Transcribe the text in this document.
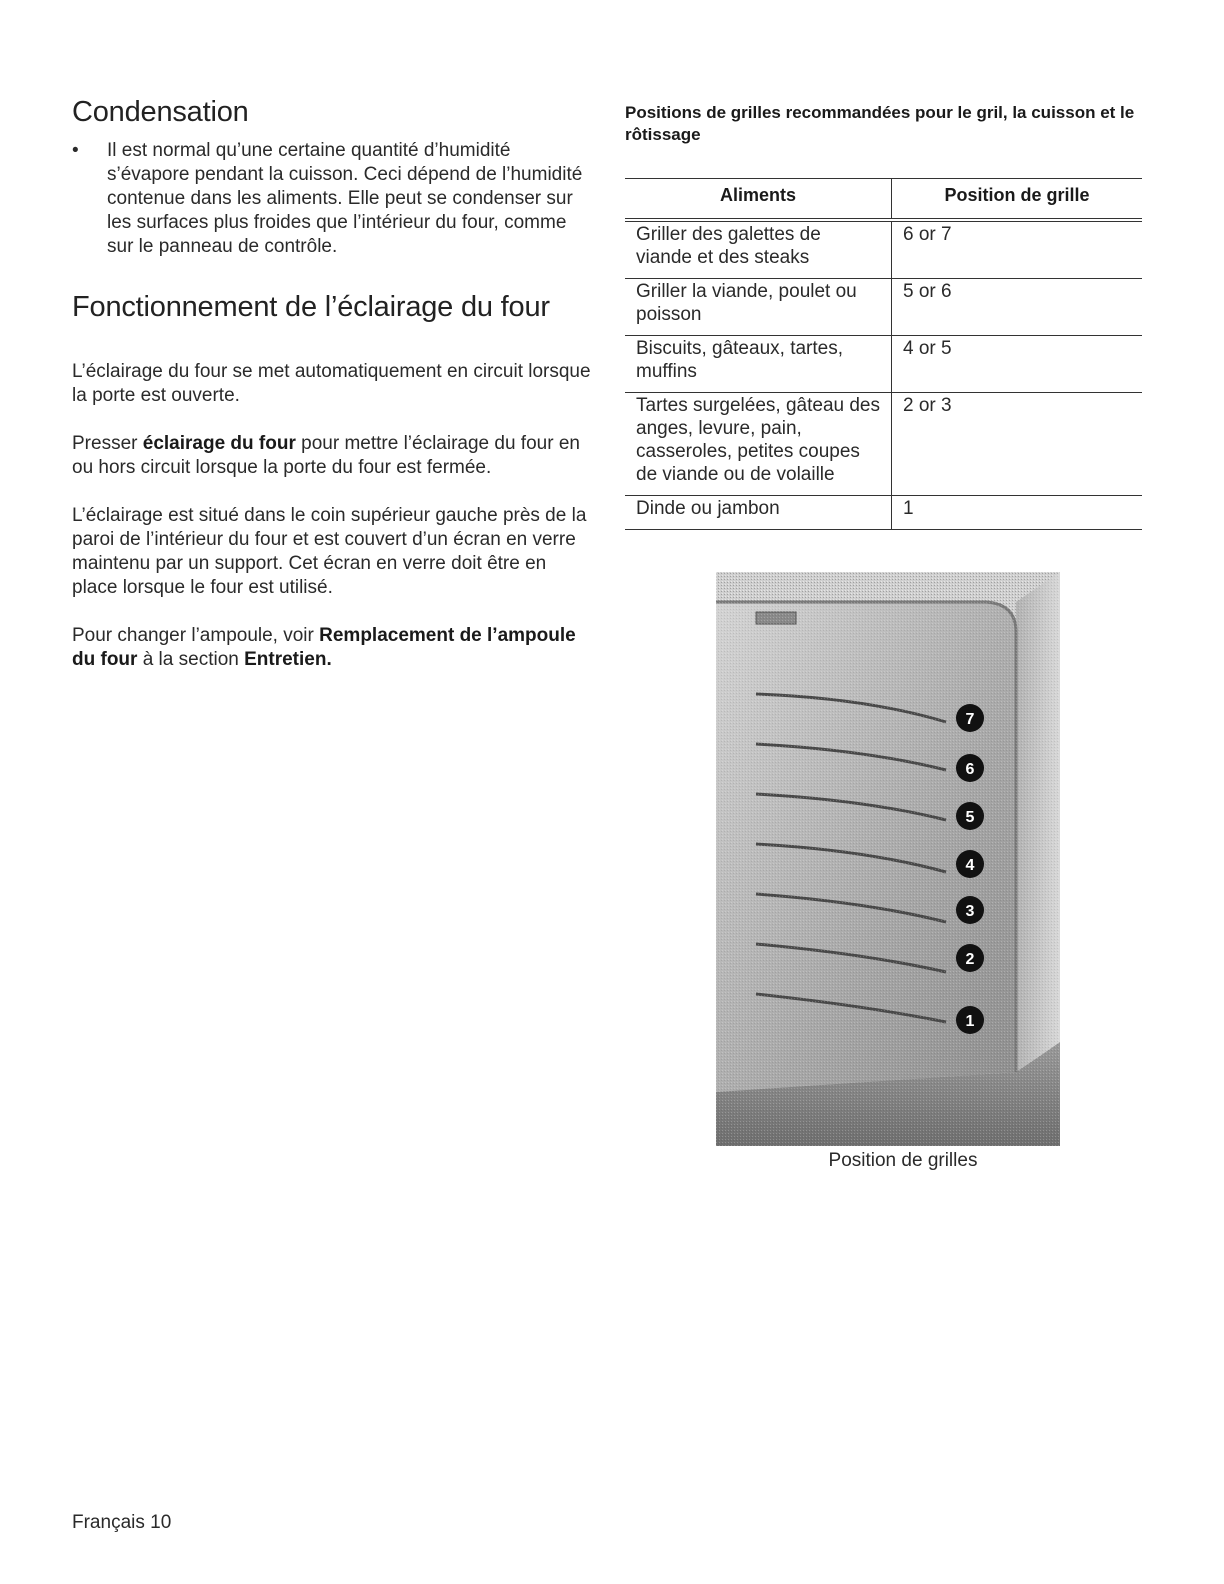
Condensation
• Il est normal qu’une certaine quantité d’humidité s’évapore pendant la cuisson. Ceci dépend de l’humidité contenue dans les aliments. Elle peut se condenser sur les surfaces plus froides que l’intérieur du four, comme sur le panneau de contrôle.
Fonctionnement de l’éclairage du four

L’éclairage du four se met automatiquement en circuit lorsque la porte est ouverte.

Presser éclairage du four pour mettre l’éclairage du four en ou hors circuit lorsque la porte du four est fermée.

L’éclairage est situé dans le coin supérieur gauche près de la paroi de l’intérieur du four et est couvert d’un écran en verre maintenu par un support. Cet écran en verre doit être en place lorsque le four est utilisé.

Pour changer l’ampoule, voir Remplacement de l’ampoule du four à la section Entretien.

Positions de grilles recommandées pour le gril, la cuisson et le rôtissage
Aliments	Position de grille
Griller des galettes de viande et des steaks	6 or 7
Griller la viande, poulet ou poisson	5 or 6
Biscuits, gâteaux, tartes, muffins	4 or 5
Tartes surgelées, gâteau des anges, levure, pain, casseroles, petites coupes de viande ou de volaille	2 or 3
Dinde ou jambon	1
7
6
5
4
3
2
1
Position de grilles
Français 10
